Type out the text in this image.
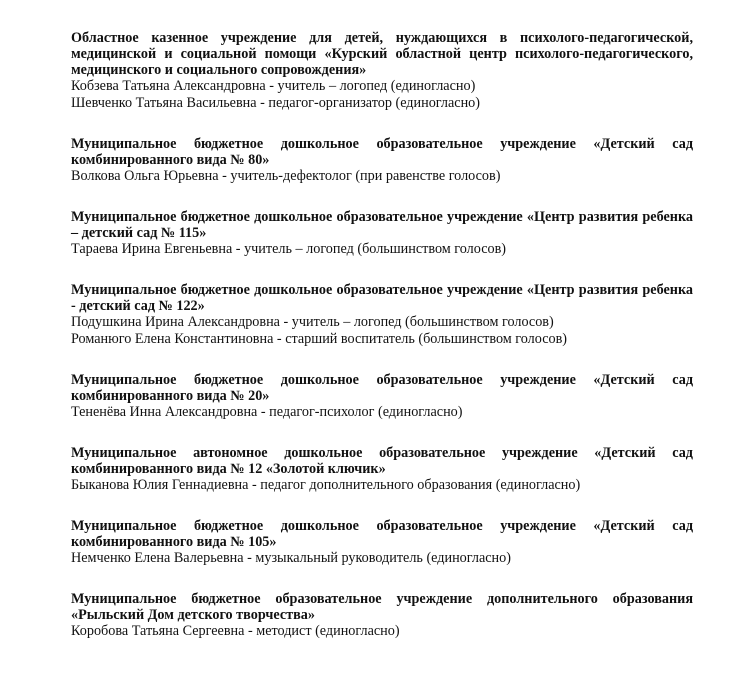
Областное казенное учреждение для детей, нуждающихся в психолого-педагогической, медицинской и социальной помощи «Курский областной центр психолого-педагогического, медицинского и социального сопровождения»

Кобзева Татьяна Александровна - учитель – логопед (единогласно)

Шевченко Татьяна Васильевна - педагог-организатор (единогласно)

Муниципальное бюджетное дошкольное образовательное учреждение «Детский сад комбинированного вида № 80»

Волкова Ольга Юрьевна - учитель-дефектолог (при равенстве голосов)

Муниципальное бюджетное дошкольное образовательное учреждение «Центр развития ребенка – детский сад № 115»

Тараева Ирина Евгеньевна - учитель – логопед (большинством голосов)

Муниципальное бюджетное дошкольное образовательное учреждение «Центр развития ребенка - детский сад № 122»

Подушкина Ирина Александровна - учитель – логопед (большинством голосов)

Романюго Елена Константиновна - старший воспитатель (большинством голосов)

Муниципальное бюджетное дошкольное образовательное учреждение «Детский сад комбинированного вида № 20»

Тененёва Инна Александровна - педагог-психолог (единогласно)

Муниципальное автономное дошкольное образовательное учреждение «Детский сад комбинированного вида № 12 «Золотой ключик»

Быканова Юлия Геннадиевна - педагог дополнительного образования (единогласно)

Муниципальное бюджетное дошкольное образовательное учреждение «Детский сад комбинированного вида № 105»

Немченко Елена Валерьевна - музыкальный руководитель (единогласно)

Муниципальное бюджетное образовательное учреждение дополнительного образования «Рыльский Дом детского творчества»

Коробова Татьяна Сергеевна - методист (единогласно)
